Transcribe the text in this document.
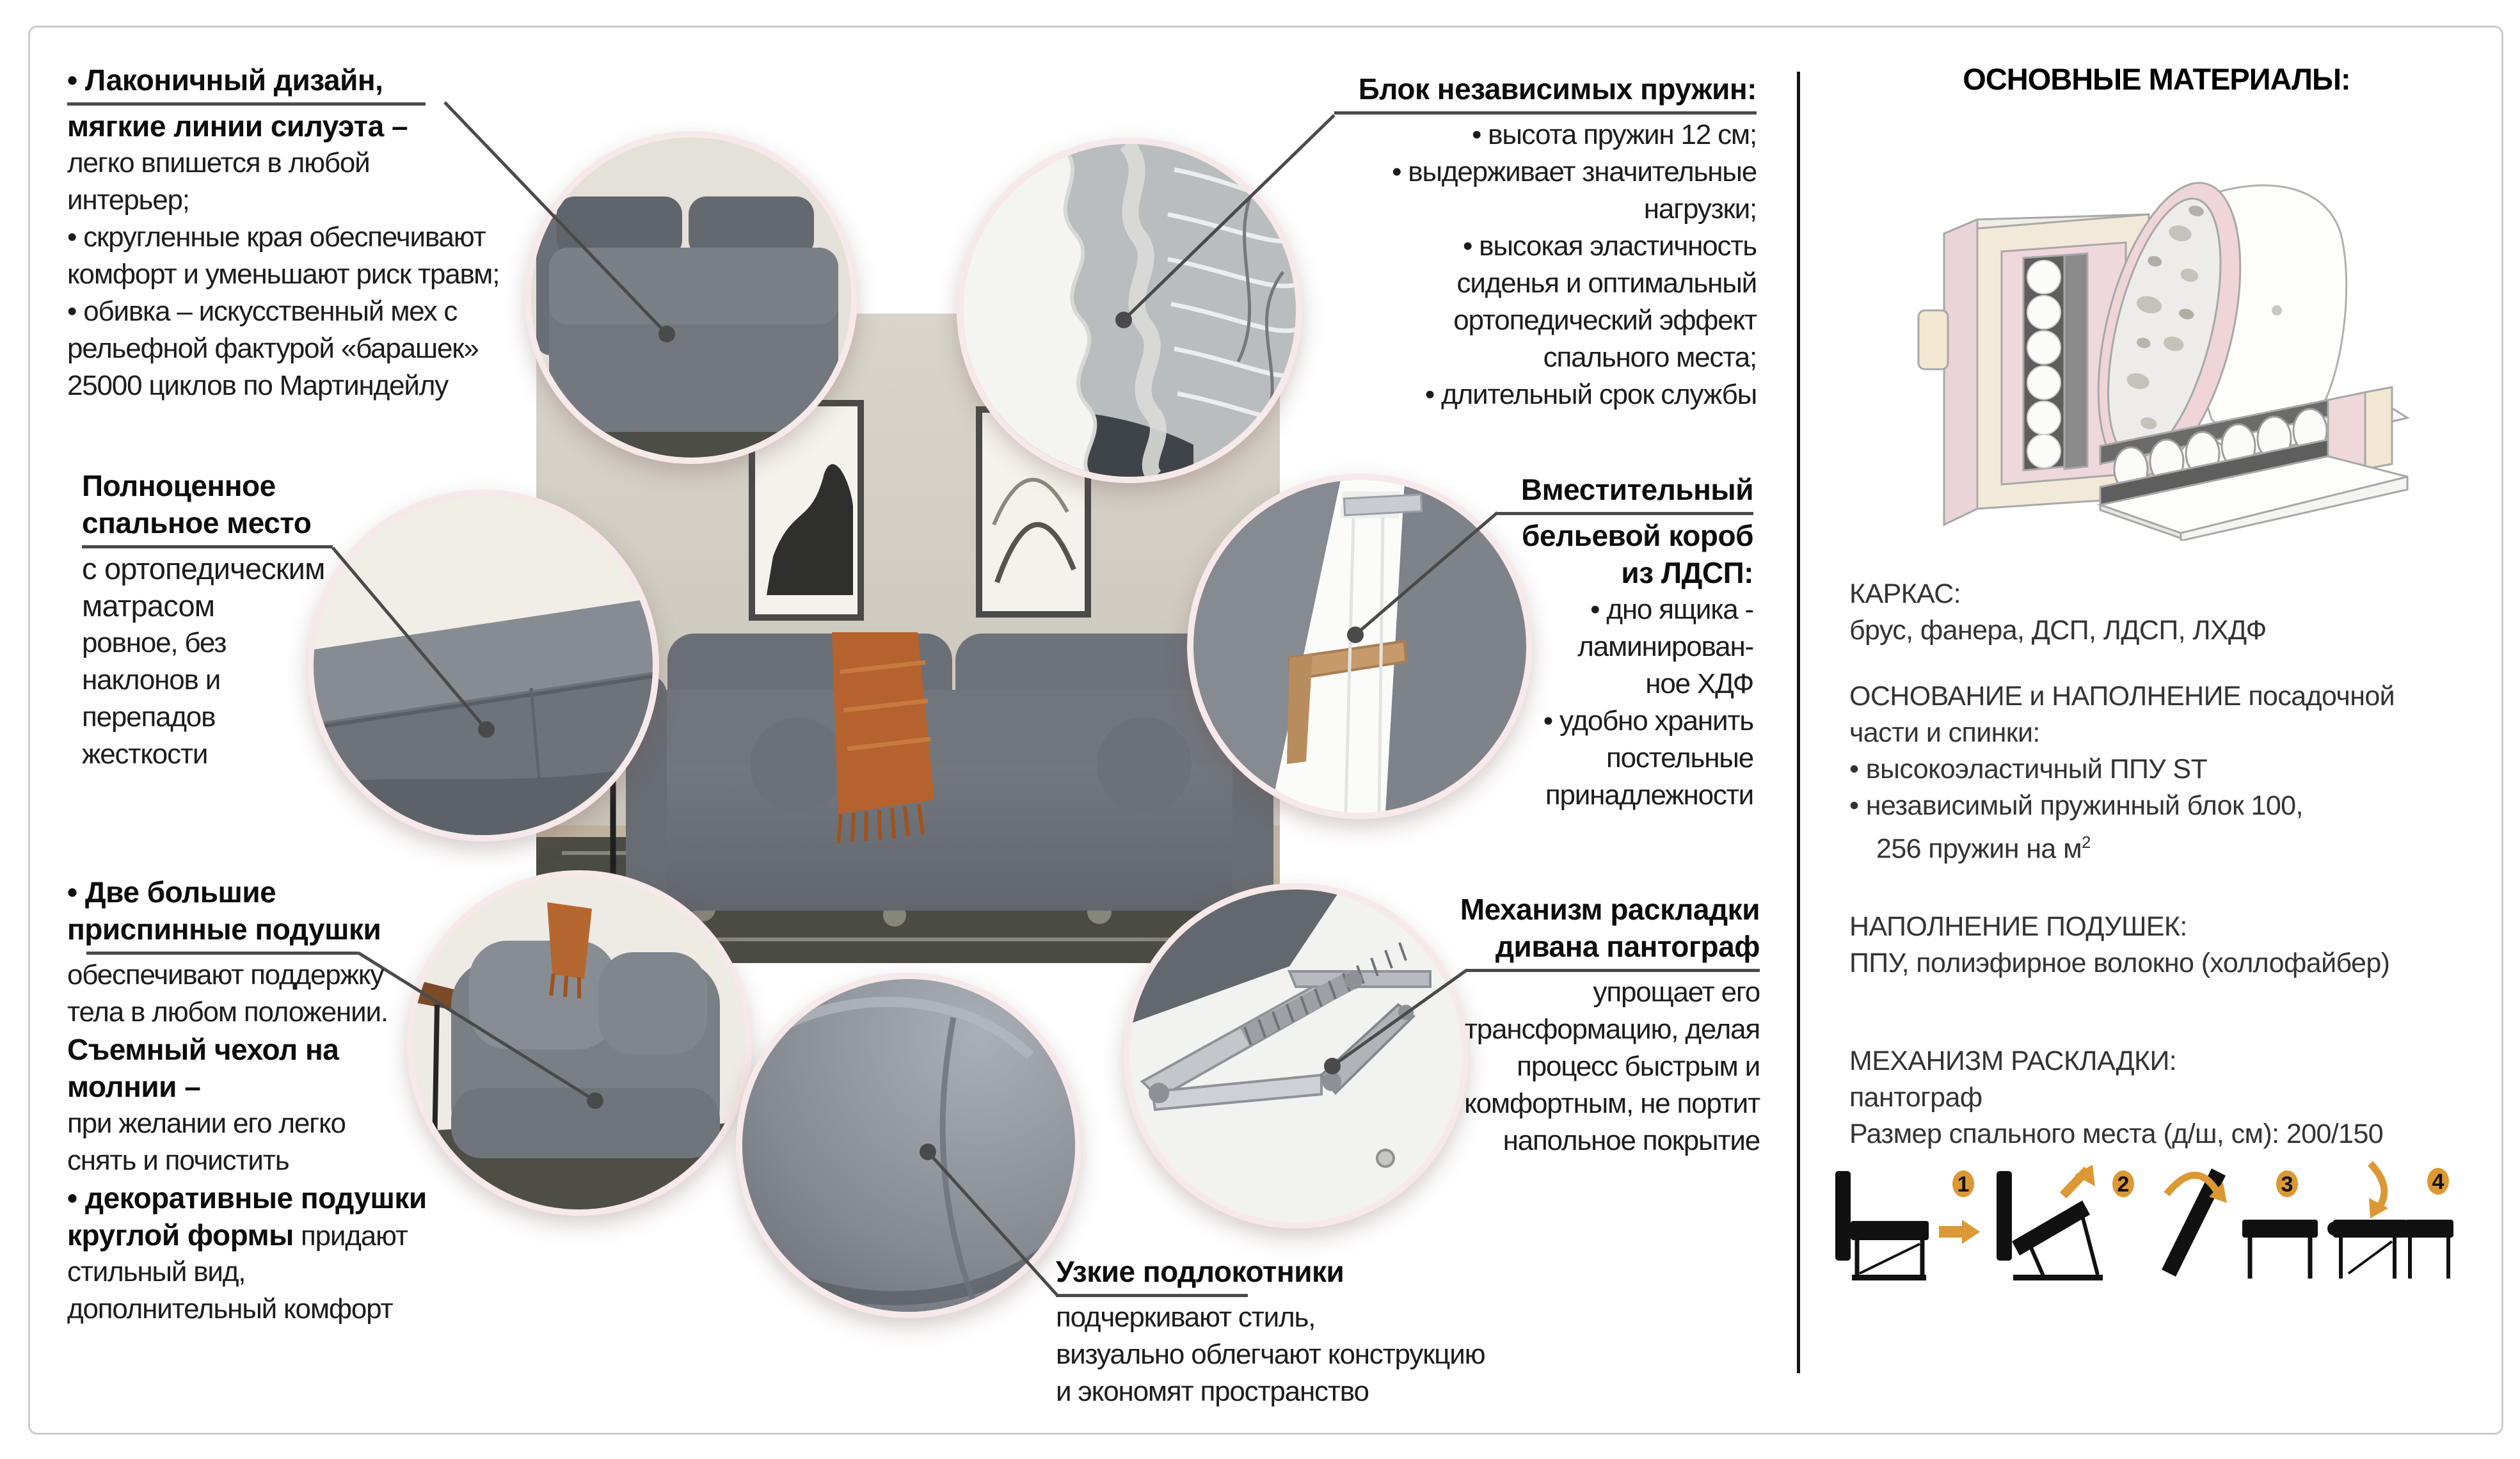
• Лаконичный дизайн,
мягкие линии силуэта –
легко впишется в любой
интерьер;
• скругленные края обеспечивают
комфорт и уменьшают риск травм;
• обивка – искусственный мех с
рельефной фактурой «барашек»
25000 циклов по Мартиндейлу
Полноценное
спальное место
с ортопедическим
матрасом
ровное, без
наклонов и
перепадов
жесткости
• Две большие
приспинные подушки
обеспечивают поддержку
тела в любом положении.
Съемный чехол на
молнии –
при желании его легко
снять и почистить
• декоративные подушки
круглой формы придают
стильный вид,
дополнительный комфорт
Блок независимых пружин:
• высота пружин 12 см;
• выдерживает значительные
нагрузки;
• высокая эластичность
сиденья и оптимальный
ортопедический эффект
спального места;
• длительный срок службы
Вместительный
бельевой короб
из ЛДСП:
• дно ящика -
ламинирован-
ное ХДФ
• удобно хранить
постельные
принадлежности
Механизм раскладки
дивана пантограф
упрощает его
трансформацию, делая
процесс быстрым и
комфортным, не портит
напольное покрытие
Узкие подлокотники
подчеркивают стиль,
визуально облегчают конструкцию
и экономят пространство
ОСНОВНЫЕ МАТЕРИАЛЫ:
КАРКАС:
брус, фанера, ДСП, ЛДСП, ЛХДФ
ОСНОВАНИЕ и НАПОЛНЕНИЕ посадочной
части и спинки:
• высокоэластичный ППУ ST
• независимый пружинный блок 100,
256 пружин на $м^2$
НАПОЛНЕНИЕ ПОДУШЕК:
ППУ, полиэфирное волокно (холлофайбер)
МЕХАНИЗМ РАСКЛАДКИ:
пантограф
Размер спального места (д/ш, см): 200/150
1	2	3	4
